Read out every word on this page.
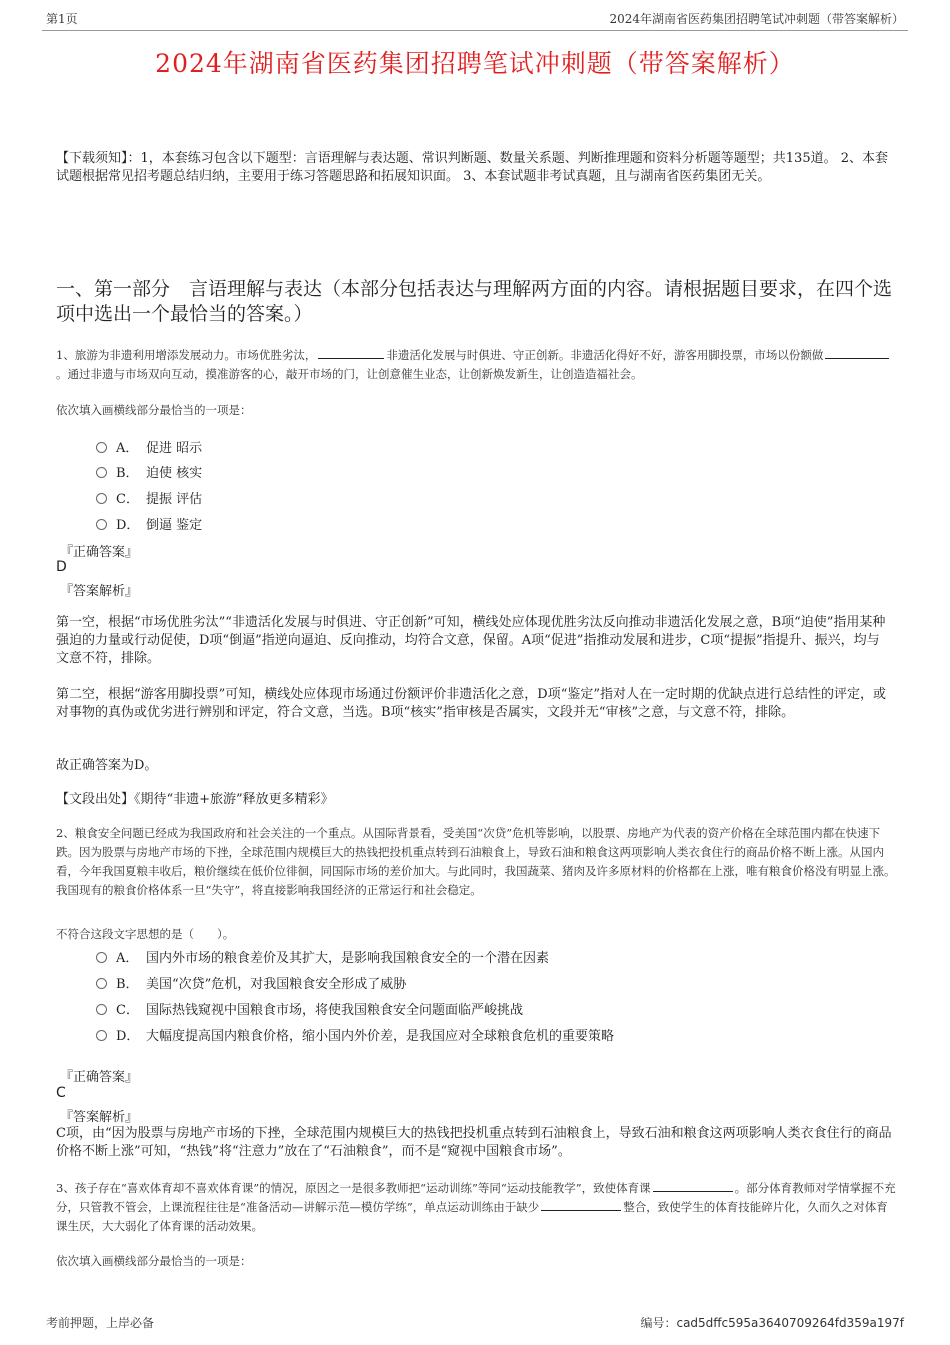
第1页	2024年湖南省医药集团招聘笔试冲刺题（带答案解析）
2024年湖南省医药集团招聘笔试冲刺题（带答案解析）
【下载须知】：1，本套练习包含以下题型：言语理解与表达题、常识判断题、数量关系题、判断推理题和资料分析题等题型；共135道。 2、本套试题根据常见招考题总结归纳，主要用于练习答题思路和拓展知识面。 3、本套试题非考试真题，且与湖南省医药集团无关。
一、第一部分　言语理解与表达（本部分包括表达与理解两方面的内容。请根据题目要求，在四个选项中选出一个最恰当的答案。）
1、旅游为非遗利用增添发展动力。市场优胜劣汰，	非遗活化发展与时俱进、守正创新。非遗活化得好不好，游客用脚投票，市场以份额做。通过非遗与市场双向互动，摸准游客的心，敲开市场的门，让创意催生业态，让创新焕发新生，让创造造福社会。
依次填入画横线部分最恰当的一项是：
A． 促进 昭示
B． 迫使 核实
C． 提振 评估
D． 倒逼 鉴定
『正确答案』
D
『答案解析』
第一空，根据“市场优胜劣汰”“非遗活化发展与时俱进、守正创新”可知，横线处应体现优胜劣汰反向推动非遗活化发展之意，B项“迫使”指用某种强迫的力量或行动促使，D项“倒逼”指逆向逼迫、反向推动，均符合文意，保留。A项“促进”指推动发展和进步，C项“提振”指提升、振兴，均与文意不符，排除。
第二空，根据“游客用脚投票”可知，横线处应体现市场通过份额评价非遗活化之意，D项“鉴定”指对人在一定时期的优缺点进行总结性的评定，或对事物的真伪或优劣进行辨别和评定，符合文意，当选。B项“核实”指审核是否属实，文段并无“审核”之意，与文意不符，排除。
故正确答案为D。
【文段出处】《期待“非遗+旅游”释放更多精彩》
2、粮食安全问题已经成为我国政府和社会关注的一个重点。从国际背景看，受美国“次贷”危机等影响，以股票、房地产为代表的资产价格在全球范围内都在快速下跌。因为股票与房地产市场的下挫，全球范围内规模巨大的热钱把投机重点转到石油粮食上，导致石油和粮食这两项影响人类衣食住行的商品价格不断上涨。从国内看，今年我国夏粮丰收后，粮价继续在低价位徘徊，同国际市场的差价加大。与此同时，我国蔬菜、猪肉及许多原材料的价格都在上涨，唯有粮食价格没有明显上涨。我国现有的粮食价格体系一旦“失守”，将直接影响我国经济的正常运行和社会稳定。
不符合这段文字思想的是（　　）。
A． 国内外市场的粮食差价及其扩大，是影响我国粮食安全的一个潜在因素
B． 美国“次贷”危机，对我国粮食安全形成了威胁
C． 国际热钱窥视中国粮食市场，将使我国粮食安全问题面临严峻挑战
D． 大幅度提高国内粮食价格，缩小国内外价差，是我国应对全球粮食危机的重要策略
『正确答案』
C
『答案解析』
C项，由“因为股票与房地产市场的下挫，全球范围内规模巨大的热钱把投机重点转到石油粮食上，导致石油和粮食这两项影响人类衣食住行的商品价格不断上涨”可知，“热钱”将“注意力”放在了“石油粮食”，而不是“窥视中国粮食市场”。
3、孩子存在“喜欢体育却不喜欢体育课”的情况，原因之一是很多教师把“运动训练”等同“运动技能教学”，致使体育课	。部分体育教师对学情掌握不充分，只管教不管会，上课流程往往是“准备活动—讲解示范—模仿学练”，单点运动训练由于缺少	整合，致使学生的体育技能碎片化，久而久之对体育课生厌，大大弱化了体育课的活动效果。
依次填入画横线部分最恰当的一项是：
考前押题，上岸必备	编号：cad5dffc595a3640709264fd359a197f
